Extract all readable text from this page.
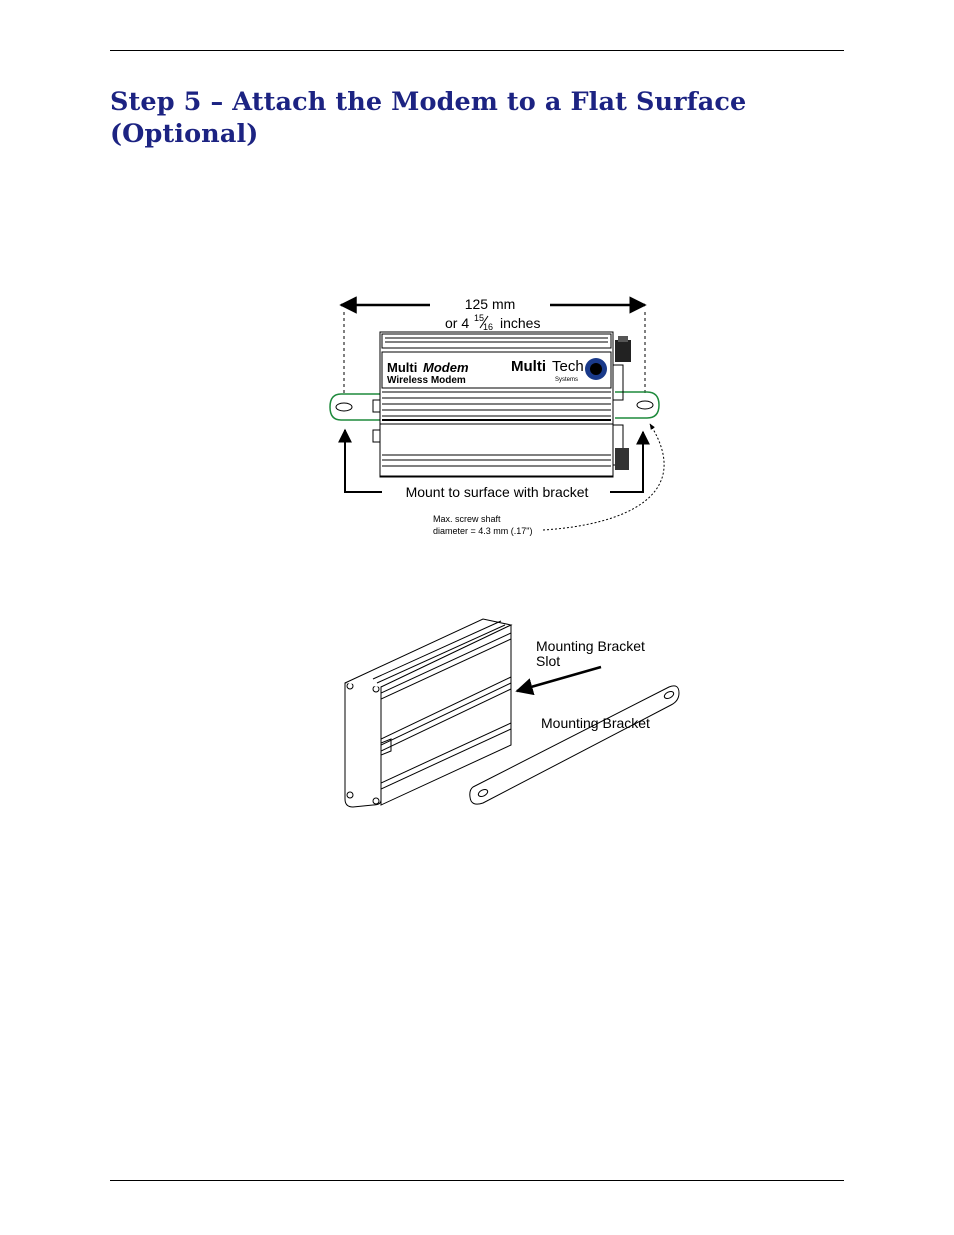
Step 5 – Attach the Modem to a Flat Surface
(Optional)
125 mm
or 4 15
16 inches
Multi Modem
Wireless Modem
Multi Tech
Systems
Mount to surface with bracket
Max. screw shaft
diameter = 4.3 mm (.17")
Mounting Bracket
Slot
Mounting Bracket
